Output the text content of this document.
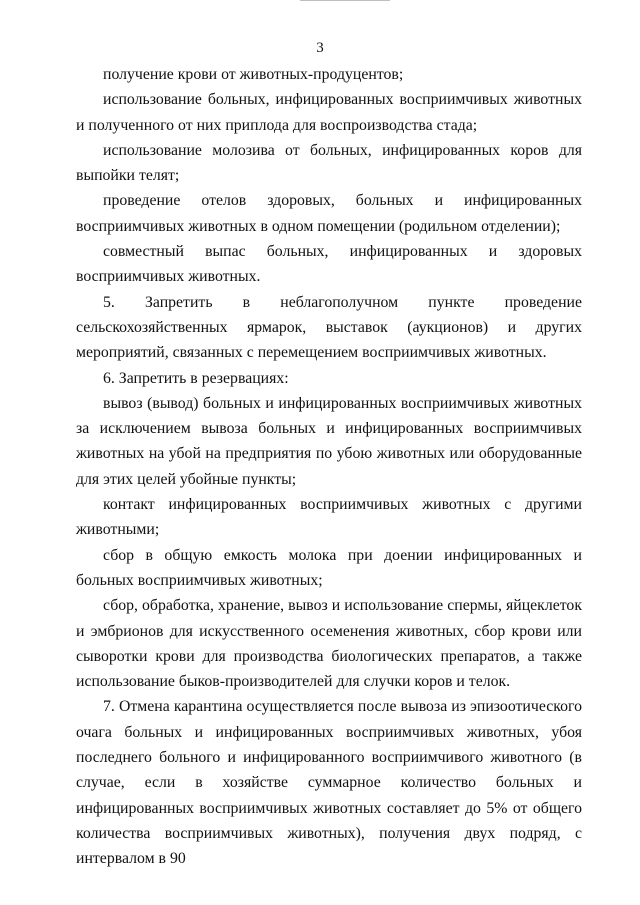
3

получение крови от животных-продуцентов;

использование больных, инфицированных восприимчивых животных и полученного от них приплода для воспроизводства стада;

использование молозива от больных, инфицированных коров для выпойки телят;

проведение отелов здоровых, больных и инфицированных восприимчивых животных в одном помещении (родильном отделении);

совместный выпас больных, инфицированных и здоровых восприимчивых животных.

5. Запретить в неблагополучном пункте проведение сельскохозяйственных ярмарок, выставок (аукционов) и других мероприятий, связанных с перемещением восприимчивых животных.

6. Запретить в резервациях:

вывоз (вывод) больных и инфицированных восприимчивых животных за исключением вывоза больных и инфицированных восприимчивых животных на убой на предприятия по убою животных или оборудованные для этих целей убойные пункты;

контакт инфицированных восприимчивых животных с другими животными;

сбор в общую емкость молока при доении инфицированных и больных восприимчивых животных;

сбор, обработка, хранение, вывоз и использование спермы, яйцеклеток и эмбрионов для искусственного осеменения животных, сбор крови или сыворотки крови для производства биологических препаратов, а также использование быков-производителей для случки коров и телок.

7. Отмена карантина осуществляется после вывоза из эпизоотического очага больных и инфицированных восприимчивых животных, убоя последнего больного и инфицированного восприимчивого животного (в случае, если в хозяйстве суммарное количество больных и инфицированных восприимчивых животных составляет до 5% от общего количества восприимчивых животных), получения двух подряд, с интервалом в 90
